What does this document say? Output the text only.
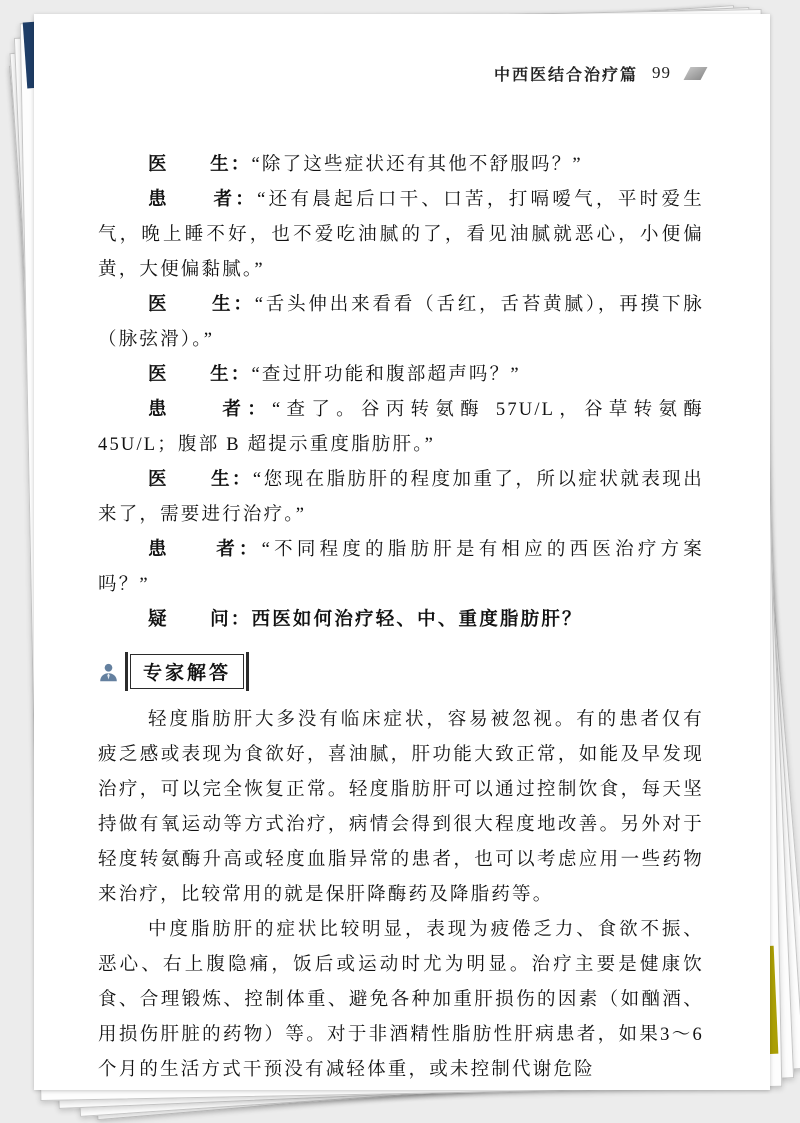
中西医结合治疗篇 99

医　　生：“除了这些症状还有其他不舒服吗？”

患　　者：“还有晨起后口干、口苦，打嗝嗳气，平时爱生气，晚上睡不好，也不爱吃油腻的了，看见油腻就恶心，小便偏黄，大便偏黏腻。”

医　　生：“舌头伸出来看看（舌红，舌苔黄腻），再摸下脉（脉弦滑）。”

医　　生：“查过肝功能和腹部超声吗？”

患　　者：“查了。谷丙转氨酶 57U/L，谷草转氨酶 45U/L；腹部 B 超提示重度脂肪肝。”

医　　生：“您现在脂肪肝的程度加重了，所以症状就表现出来了，需要进行治疗。”

患　　者：“不同程度的脂肪肝是有相应的西医治疗方案吗？”

疑　　问：西医如何治疗轻、中、重度脂肪肝？

专家解答

轻度脂肪肝大多没有临床症状，容易被忽视。有的患者仅有疲乏感或表现为食欲好，喜油腻，肝功能大致正常，如能及早发现治疗，可以完全恢复正常。轻度脂肪肝可以通过控制饮食，每天坚持做有氧运动等方式治疗，病情会得到很大程度地改善。另外对于轻度转氨酶升高或轻度血脂异常的患者，也可以考虑应用一些药物来治疗，比较常用的就是保肝降酶药及降脂药等。

中度脂肪肝的症状比较明显，表现为疲倦乏力、食欲不振、恶心、右上腹隐痛，饭后或运动时尤为明显。治疗主要是健康饮食、合理锻炼、控制体重、避免各种加重肝损伤的因素（如酗酒、用损伤肝脏的药物）等。对于非酒精性脂肪性肝病患者，如果3～6个月的生活方式干预没有减轻体重，或未控制代谢危险
